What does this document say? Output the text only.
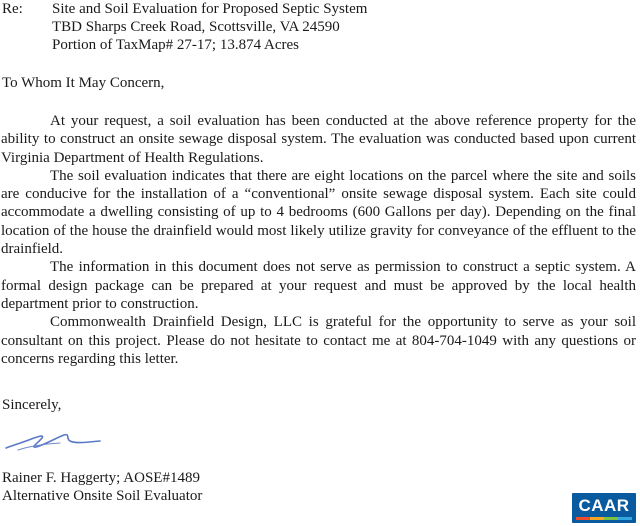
Re:	Site and Soil Evaluation for Proposed Septic System
TBD Sharps Creek Road, Scottsville, VA 24590
Portion of TaxMap# 27-17; 13.874 Acres
To Whom It May Concern,

At your request, a soil evaluation has been conducted at the above reference property for the ability to construct an onsite sewage disposal system. The evaluation was conducted based upon current Virginia Department of Health Regulations.

The soil evaluation indicates that there are eight locations on the parcel where the site and soils are conducive for the installation of a “conventional” onsite sewage disposal system. Each site could accommodate a dwelling consisting of up to 4 bedrooms (600 Gallons per day). Depending on the final location of the house the drainfield would most likely utilize gravity for conveyance of the effluent to the drainfield.

The information in this document does not serve as permission to construct a septic system. A formal design package can be prepared at your request and must be approved by the local health department prior to construction.

Commonwealth Drainfield Design, LLC is grateful for the opportunity to serve as your soil consultant on this project. Please do not hesitate to contact me at 804-704-1049 with any questions or concerns regarding this letter.

Sincerely,
Rainer F. Haggerty; AOSE#1489
Alternative Onsite Soil Evaluator	CAAR
